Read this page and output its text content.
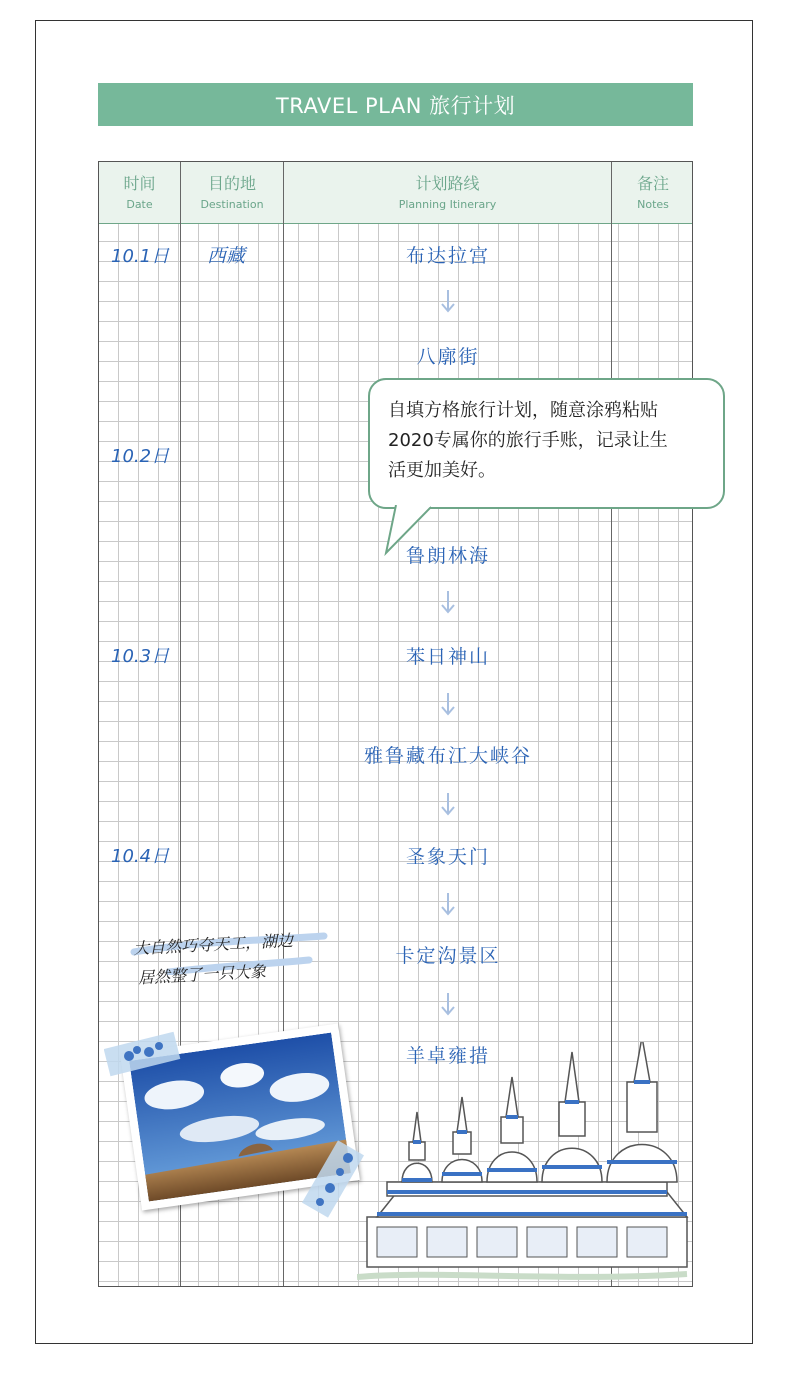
TRAVEL PLAN 旅行计划
时间
Date
目的地
Destination
计划路线
Planning Itinerary
备注
Notes
10.1日
10.2日
10.3日
10.4日
西藏	布达拉宫
八廓街
鲁朗林海
苯日神山
雅鲁藏布江大峡谷
圣象天门
卡定沟景区
羊卓雍措
自填方格旅行计划，随意涂鸦粘贴
2020专属你的旅行手账，记录让生
活更加美好。
大自然巧夺天工，湖边
居然整了一只大象
